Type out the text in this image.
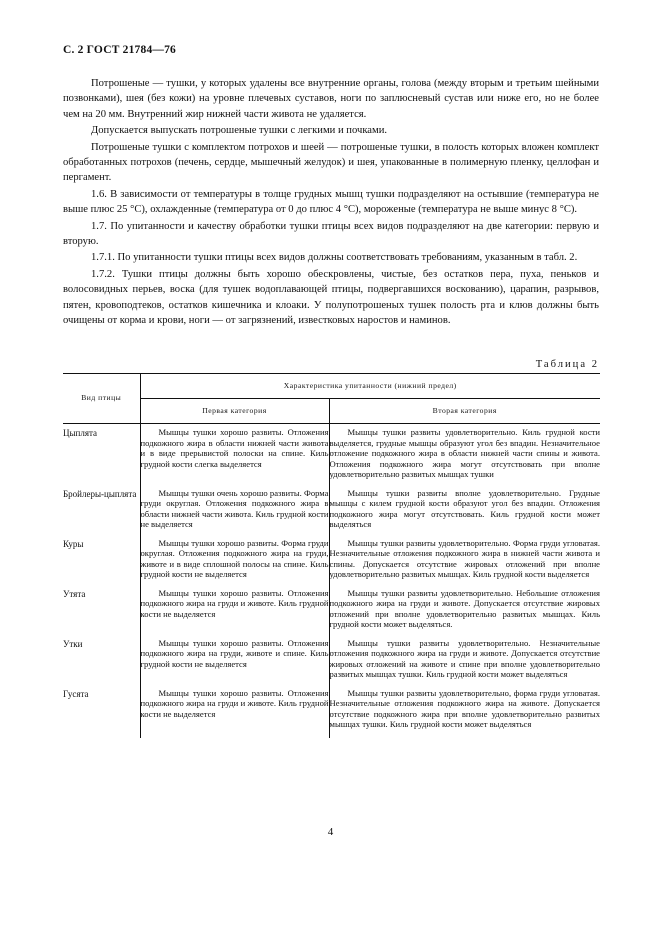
С. 2 ГОСТ 21784—76

Потрошеные — тушки, у которых удалены все внутренние органы, голова (между вторым и третьим шейными позвонками), шея (без кожи) на уровне плечевых суставов, ноги по заплюсневый сустав или ниже его, но не более чем на 20 мм. Внутренний жир нижней части живота не удаляется.

Допускается выпускать потрошеные тушки с легкими и почками.

Потрошеные тушки с комплектом потрохов и шеей — потрошеные тушки, в полость которых вложен комплект обработанных потрохов (печень, сердце, мышечный желудок) и шея, упакованные в полимерную пленку, целлофан и пергамент.

1.6. В зависимости от температуры в толще грудных мышц тушки подразделяют на остывшие (температура не выше плюс 25 °С), охлажденные (температура от 0 до плюс 4 °С), мороженые (температура не выше минус 8 °С).

1.7. По упитанности и качеству обработки тушки птицы всех видов подразделяют на две категории: первую и вторую.

1.7.1. По упитанности тушки птицы всех видов должны соответствовать требованиям, указанным в табл. 2.

1.7.2. Тушки птицы должны быть хорошо обескровлены, чистые, без остатков пера, пуха, пеньков и волосовидных перьев, воска (для тушек водоплавающей птицы, подвергавшихся воскованию), царапин, разрывов, пятен, кровоподтеков, остатков кишечника и клоаки. У полупотрошеных тушек полость рта и клюв должны быть очищены от корма и крови, ноги — от загрязнений, известковых наростов и наминов.

Таблица 2
Вид птицы	Характеристика упитанности (нижний предел)	
	Первая категория	Вторая категория
Цыплята	Мышцы тушки хорошо развиты. Отложения подкожного жира в области нижней части живота и в виде прерывистой полоски на спине. Киль грудной кости слегка выделяется	Мышцы тушки развиты удовлетворительно. Киль грудной кости выделяется, грудные мышцы образуют угол без впадин. Незначительное отложение подкожного жира в области нижней части спины и живота. Отложения подкожного жира могут отсутствовать при вполне удовлетворительно развитых мышцах тушки
Бройлеры-цыплята	Мышцы тушки очень хорошо развиты. Форма груди округлая. Отложения подкожного жира в области нижней части живота. Киль грудной кости не выделяется	Мышцы тушки развиты вполне удовлетворительно. Грудные мышцы с килем грудной кости образуют угол без впадин. Отложения подкожного жира могут отсутствовать. Киль грудной кости может выделяться
Куры	Мышцы тушки хорошо развиты. Форма груди округлая. Отложения подкожного жира на груди, животе и в виде сплошной полосы на спине. Киль грудной кости не выделяется	Мышцы тушки развиты удовлетворительно. Форма груди угловатая. Незначительные отложения подкожного жира в нижней части живота и спины. Допускается отсутствие жировых отложений при вполне удовлетворительно развитых мышцах. Киль грудной кости выделяется
Утята	Мышцы тушки хорошо развиты. Отложения подкожного жира на груди и животе. Киль грудной кости не выделяется	Мышцы тушки развиты удовлетворительно. Небольшие отложения подкожного жира на груди и животе. Допускается отсутствие жировых отложений при вполне удовлетворительно развитых мышцах. Киль грудной кости может выделяться.
Утки	Мышцы тушки хорошо развиты. Отложения подкожного жира на груди, животе и спине. Киль грудной кости не выделяется	Мышцы тушки развиты удовлетворительно. Незначительные отложения подкожного жира на груди и животе. Допускается отсутствие жировых отложений на животе и спине при вполне удовлетворительно развитых мышцах тушки. Киль грудной кости может выделяться
Гусята	Мышцы тушки хорошо развиты. Отложения подкожного жира на груди и животе. Киль грудной кости не выделяется	Мышцы тушки развиты удовлетворительно, форма груди угловатая. Незначительные отложения подкожного жира на животе. Допускается отсутствие подкожного жира при вполне удовлетворительно развитых мышцах тушки. Киль грудной кости может выделяться
4
